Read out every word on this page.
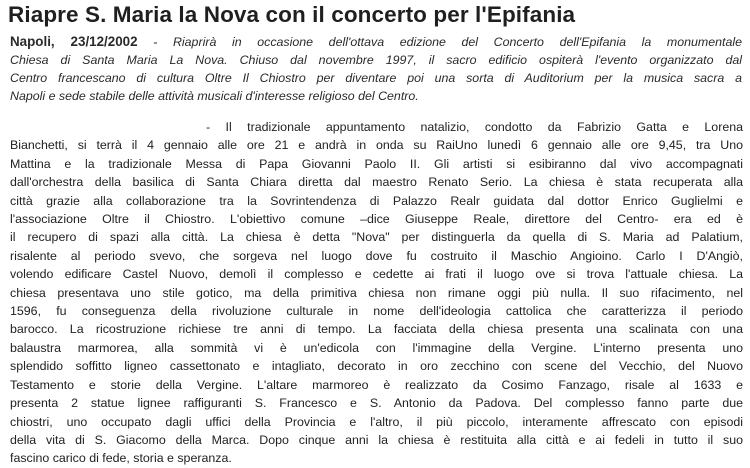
Riapre S. Maria la Nova con il concerto per l'Epifania
Napoli, 23/12/2002 - Riaprirà in occasione dell'ottava edizione del Concerto dell'Epifania la monumentale
Chiesa di Santa Maria La Nova. Chiuso dal novembre 1997, il sacro edificio ospiterà l'evento organizzato dal
Centro francescano di cultura Oltre Il Chiostro per diventare poi una sorta di Auditorium per la musica sacra a
Napoli e sede stabile delle attività musicali d'interesse religioso del Centro.
- Il tradizionale appuntamento natalizio, condotto da Fabrizio Gatta e Lorena
Bianchetti, si terrà il 4 gennaio alle ore 21 e andrà in onda su RaiUno lunedì 6 gennaio alle ore 9,45, tra Uno
Mattina e la tradizionale Messa di Papa Giovanni Paolo II. Gli artisti si esibiranno dal vivo accompagnati
dall'orchestra della basilica di Santa Chiara diretta dal maestro Renato Serio. La chiesa è stata recuperata alla
città grazie alla collaborazione tra la Sovrintendenza di Palazzo Realr guidata dal dottor Enrico Guglielmi e
l'associazione Oltre il Chiostro. L'obiettivo comune –dice Giuseppe Reale, direttore del Centro- era ed è
il recupero di spazi alla città. La chiesa è detta "Nova" per distinguerla da quella di S. Maria ad Palatium,
risalente al periodo svevo, che sorgeva nel luogo dove fu costruito il Maschio Angioino. Carlo I D'Angiò,
volendo edificare Castel Nuovo, demolì il complesso e cedette ai frati il luogo ove si trova l'attuale chiesa. La
chiesa presentava uno stile gotico, ma della primitiva chiesa non rimane oggi più nulla. Il suo rifacimento, nel
1596, fu conseguenza della rivoluzione culturale in nome dell'ideologia cattolica che caratterizza il periodo
barocco. La ricostruzione richiese tre anni di tempo. La facciata della chiesa presenta una scalinata con una
balaustra marmorea, alla sommità vi è un'edicola con l'immagine della Vergine. L'interno presenta uno
splendido soffitto ligneo cassettonato e intagliato, decorato in oro zecchino con scene del Vecchio, del Nuovo
Testamento e storie della Vergine. L'altare marmoreo è realizzato da Cosimo Fanzago, risale al 1633 e
presenta 2 statue lignee raffiguranti S. Francesco e S. Antonio da Padova. Del complesso fanno parte due
chiostri, uno occupato dagli uffici della Provincia e l'altro, il più piccolo, interamente affrescato con episodi
della vita di S. Giacomo della Marca. Dopo cinque anni la chiesa è restituita alla città e ai fedeli in tutto il suo
fascino carico di fede, storia e speranza.
